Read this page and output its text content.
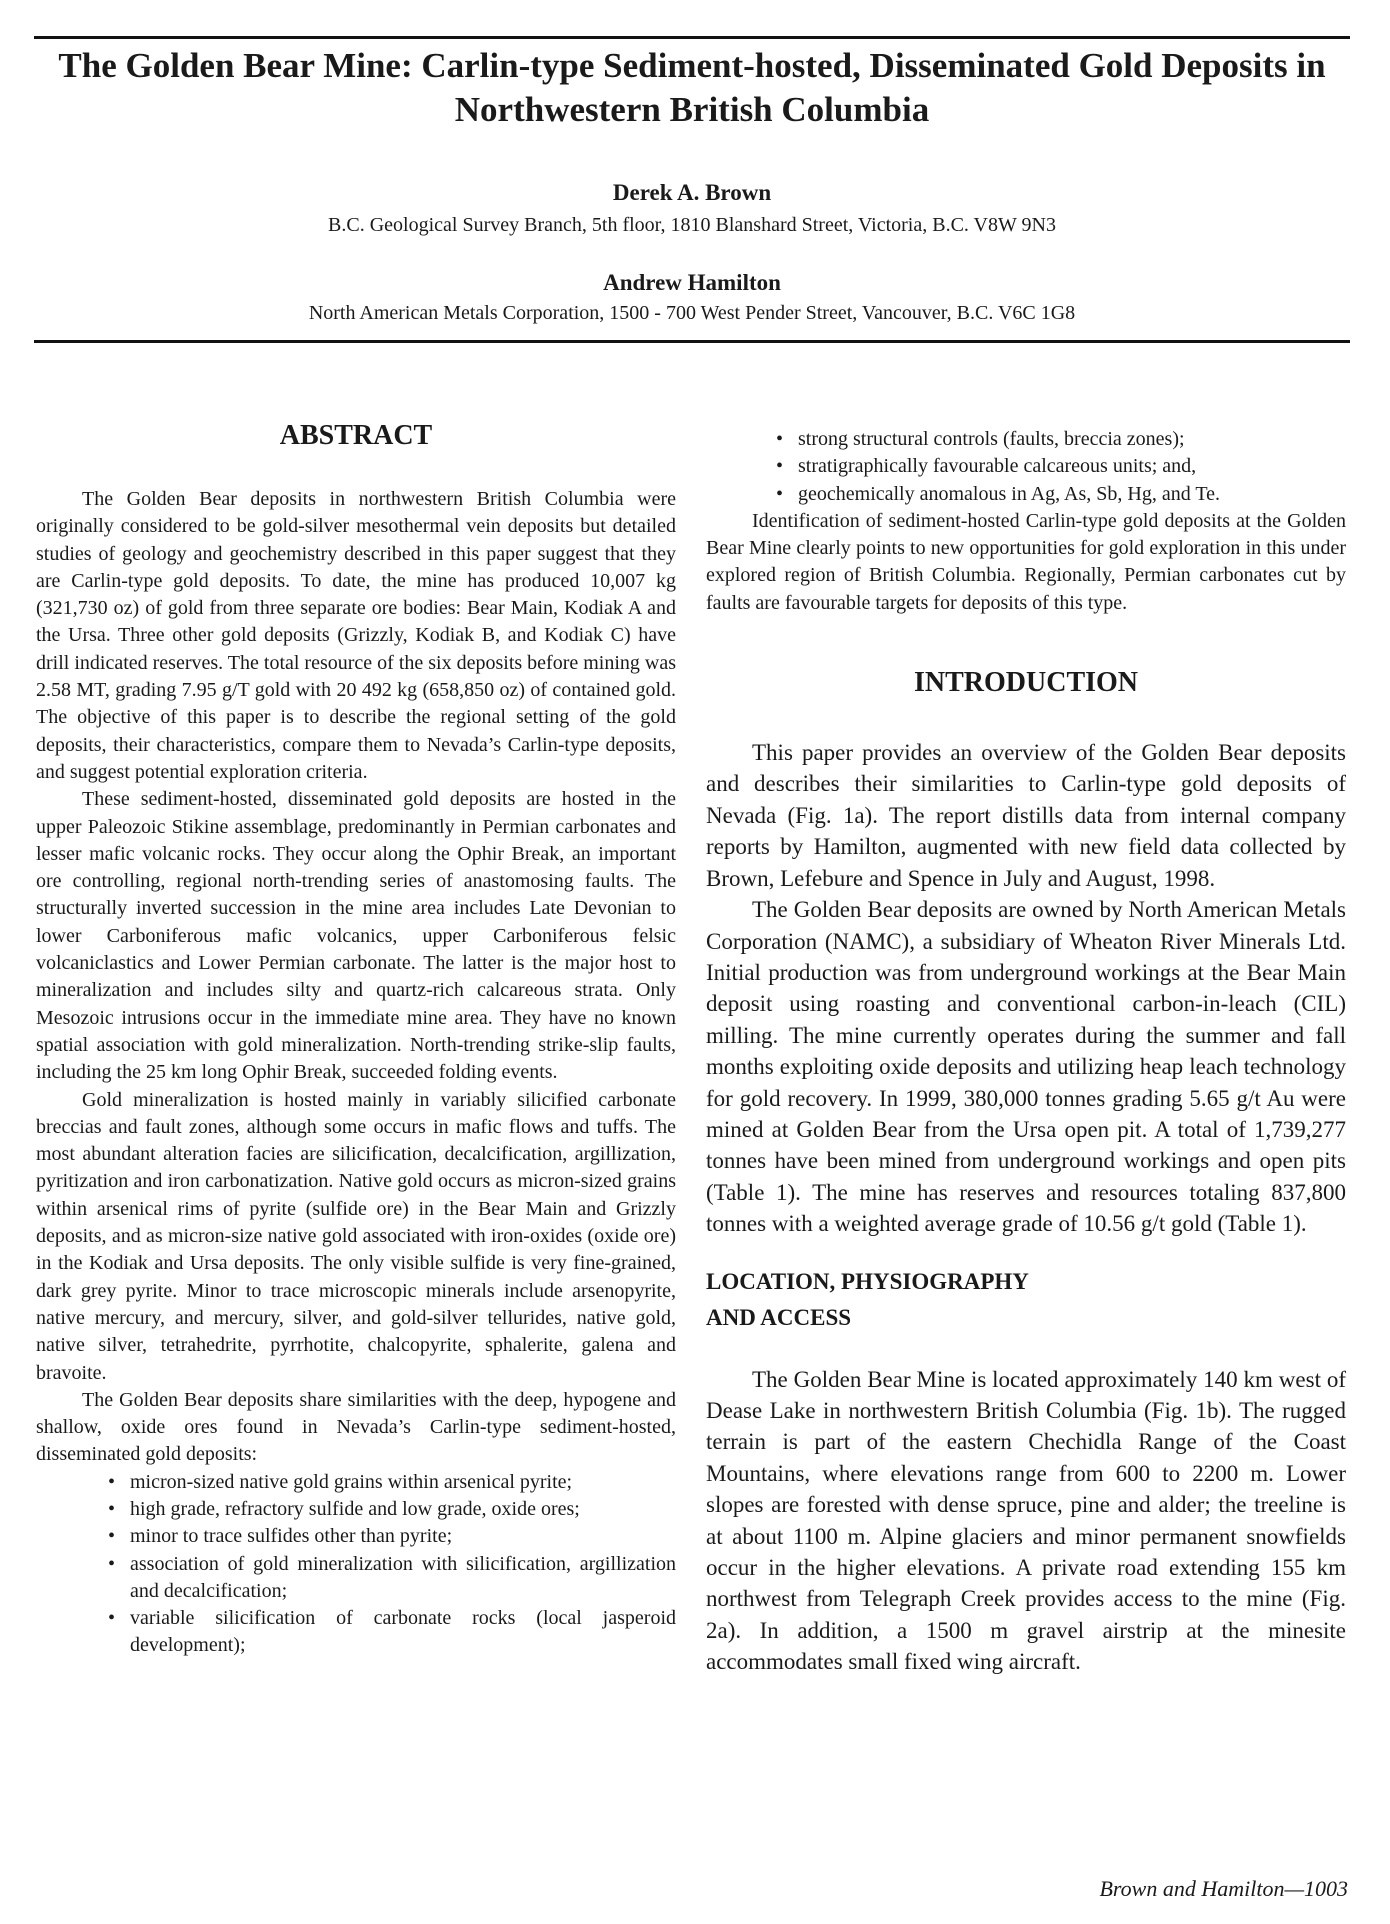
The Golden Bear Mine: Carlin-type Sediment-hosted, Disseminated Gold Deposits in Northwestern British Columbia
Derek A. Brown
B.C. Geological Survey Branch, 5th floor, 1810 Blanshard Street, Victoria, B.C. V8W 9N3
Andrew Hamilton
North American Metals Corporation, 1500 - 700 West Pender Street, Vancouver, B.C. V6C 1G8
ABSTRACT

The Golden Bear deposits in northwestern British Columbia were originally considered to be gold-silver mesothermal vein deposits but detailed studies of geology and geochemistry described in this paper suggest that they are Carlin-type gold deposits. To date, the mine has produced 10,007 kg (321,730 oz) of gold from three separate ore bodies: Bear Main, Kodiak A and the Ursa. Three other gold deposits (Grizzly, Kodiak B, and Kodiak C) have drill indicated reserves. The total resource of the six deposits before mining was 2.58 MT, grading 7.95 g/T gold with 20 492 kg (658,850 oz) of contained gold. The objective of this paper is to describe the regional setting of the gold deposits, their characteristics, compare them to Nevada’s Carlin-type deposits, and suggest potential exploration criteria.

These sediment-hosted, disseminated gold deposits are hosted in the upper Paleozoic Stikine assemblage, predominantly in Permian carbonates and lesser mafic volcanic rocks. They occur along the Ophir Break, an important ore controlling, regional north-trending series of anastomosing faults. The structurally inverted succession in the mine area includes Late Devonian to lower Carboniferous mafic volcanics, upper Carboniferous felsic volcaniclastics and Lower Permian carbonate. The latter is the major host to mineralization and includes silty and quartz-rich calcareous strata. Only Mesozoic intrusions occur in the immediate mine area. They have no known spatial association with gold mineralization. North-trending strike-slip faults, including the 25 km long Ophir Break, succeeded folding events.

Gold mineralization is hosted mainly in variably silicified carbonate breccias and fault zones, although some occurs in mafic flows and tuffs. The most abundant alteration facies are silicification, decalcification, argillization, pyritization and iron carbonatization. Native gold occurs as micron-sized grains within arsenical rims of pyrite (sulfide ore) in the Bear Main and Grizzly deposits, and as micron-size native gold associated with iron-oxides (oxide ore) in the Kodiak and Ursa deposits. The only visible sulfide is very fine-grained, dark grey pyrite. Minor to trace microscopic minerals include arsenopyrite, native mercury, and mercury, silver, and gold-silver tellurides, native gold, native silver, tetrahedrite, pyrrhotite, chalcopyrite, sphalerite, galena and bravoite.

The Golden Bear deposits share similarities with the deep, hypogene and shallow, oxide ores found in Nevada’s Carlin-type sediment-hosted, disseminated gold deposits:

• micron-sized native gold grains within arsenical pyrite;
• high grade, refractory sulfide and low grade, oxide ores;
• minor to trace sulfides other than pyrite;
• association of gold mineralization with silicification, argillization and decalcification;
• variable silicification of carbonate rocks (local jasperoid development);
• strong structural controls (faults, breccia zones);
• stratigraphically favourable calcareous units; and,
• geochemically anomalous in Ag, As, Sb, Hg, and Te.

Identification of sediment-hosted Carlin-type gold deposits at the Golden Bear Mine clearly points to new opportunities for gold exploration in this under explored region of British Columbia. Regionally, Permian carbonates cut by faults are favourable targets for deposits of this type.

INTRODUCTION

This paper provides an overview of the Golden Bear deposits and describes their similarities to Carlin-type gold deposits of Nevada (Fig. 1a). The report distills data from internal company reports by Hamilton, augmented with new field data collected by Brown, Lefebure and Spence in July and August, 1998.

The Golden Bear deposits are owned by North American Metals Corporation (NAMC), a subsidiary of Wheaton River Minerals Ltd. Initial production was from underground workings at the Bear Main deposit using roasting and conventional carbon-in-leach (CIL) milling. The mine currently operates during the summer and fall months exploiting oxide deposits and utilizing heap leach technology for gold recovery. In 1999, 380,000 tonnes grading 5.65 g/t Au were mined at Golden Bear from the Ursa open pit. A total of 1,739,277 tonnes have been mined from underground workings and open pits (Table 1). The mine has reserves and resources totaling 837,800 tonnes with a weighted average grade of 10.56 g/t gold (Table 1).

LOCATION, PHYSIOGRAPHY
AND ACCESS

The Golden Bear Mine is located approximately 140 km west of Dease Lake in northwestern British Columbia (Fig. 1b). The rugged terrain is part of the eastern Chechidla Range of the Coast Mountains, where elevations range from 600 to 2200 m. Lower slopes are forested with dense spruce, pine and alder; the treeline is at about 1100 m. Alpine glaciers and minor permanent snowfields occur in the higher elevations. A private road extending 155 km northwest from Telegraph Creek provides access to the mine (Fig. 2a). In addition, a 1500 m gravel airstrip at the minesite accommodates small fixed wing aircraft.

Brown and Hamilton—1003
